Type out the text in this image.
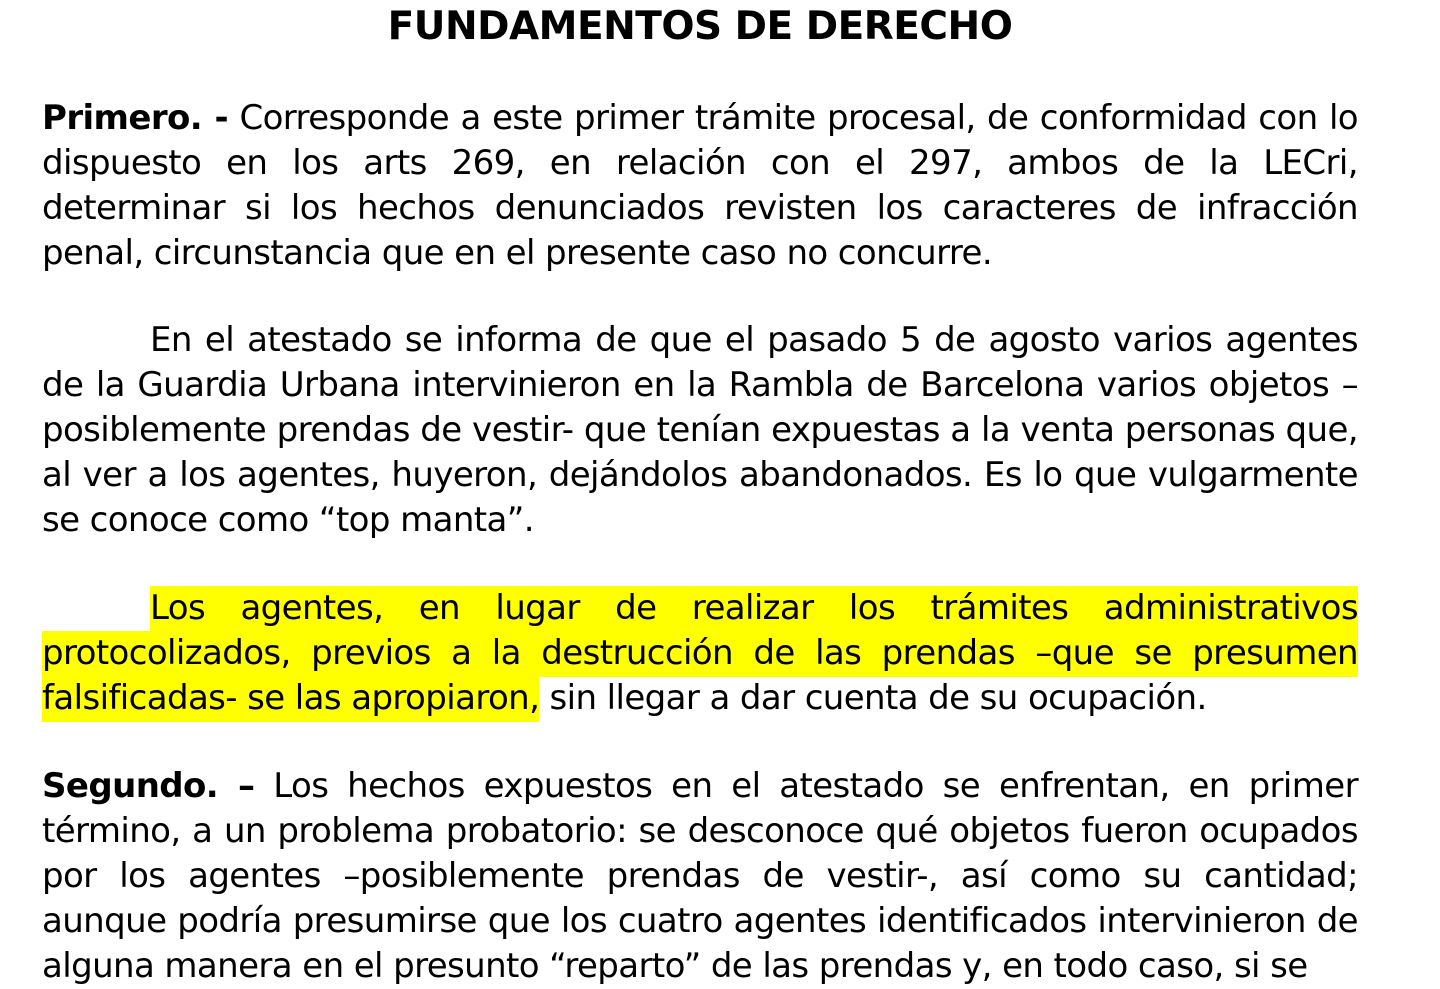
FUNDAMENTOS DE DERECHO

Primero. - Corresponde a este primer trámite procesal, de conformidad con lo dispuesto en los arts 269, en relación con el 297, ambos de la LECri, determinar si los hechos denunciados revisten los caracteres de infracción penal, circunstancia que en el presente caso no concurre.

En el atestado se informa de que el pasado 5 de agosto varios agentes de la Guardia Urbana intervinieron en la Rambla de Barcelona varios objetos –posiblemente prendas de vestir- que tenían expuestas a la venta personas que, al ver a los agentes, huyeron, dejándolos abandonados. Es lo que vulgarmente se conoce como “top manta”.

Los agentes, en lugar de realizar los trámites administrativos protocolizados, previos a la destrucción de las prendas –que se presumen falsificadas- se las apropiaron, sin llegar a dar cuenta de su ocupación.

Segundo. – Los hechos expuestos en el atestado se enfrentan, en primer término, a un problema probatorio: se desconoce qué objetos fueron ocupados por los agentes –posiblemente prendas de vestir-, así como su cantidad; aunque podría presumirse que los cuatro agentes identificados intervinieron de alguna manera en el presunto “reparto” de las prendas y, en todo caso, si se
